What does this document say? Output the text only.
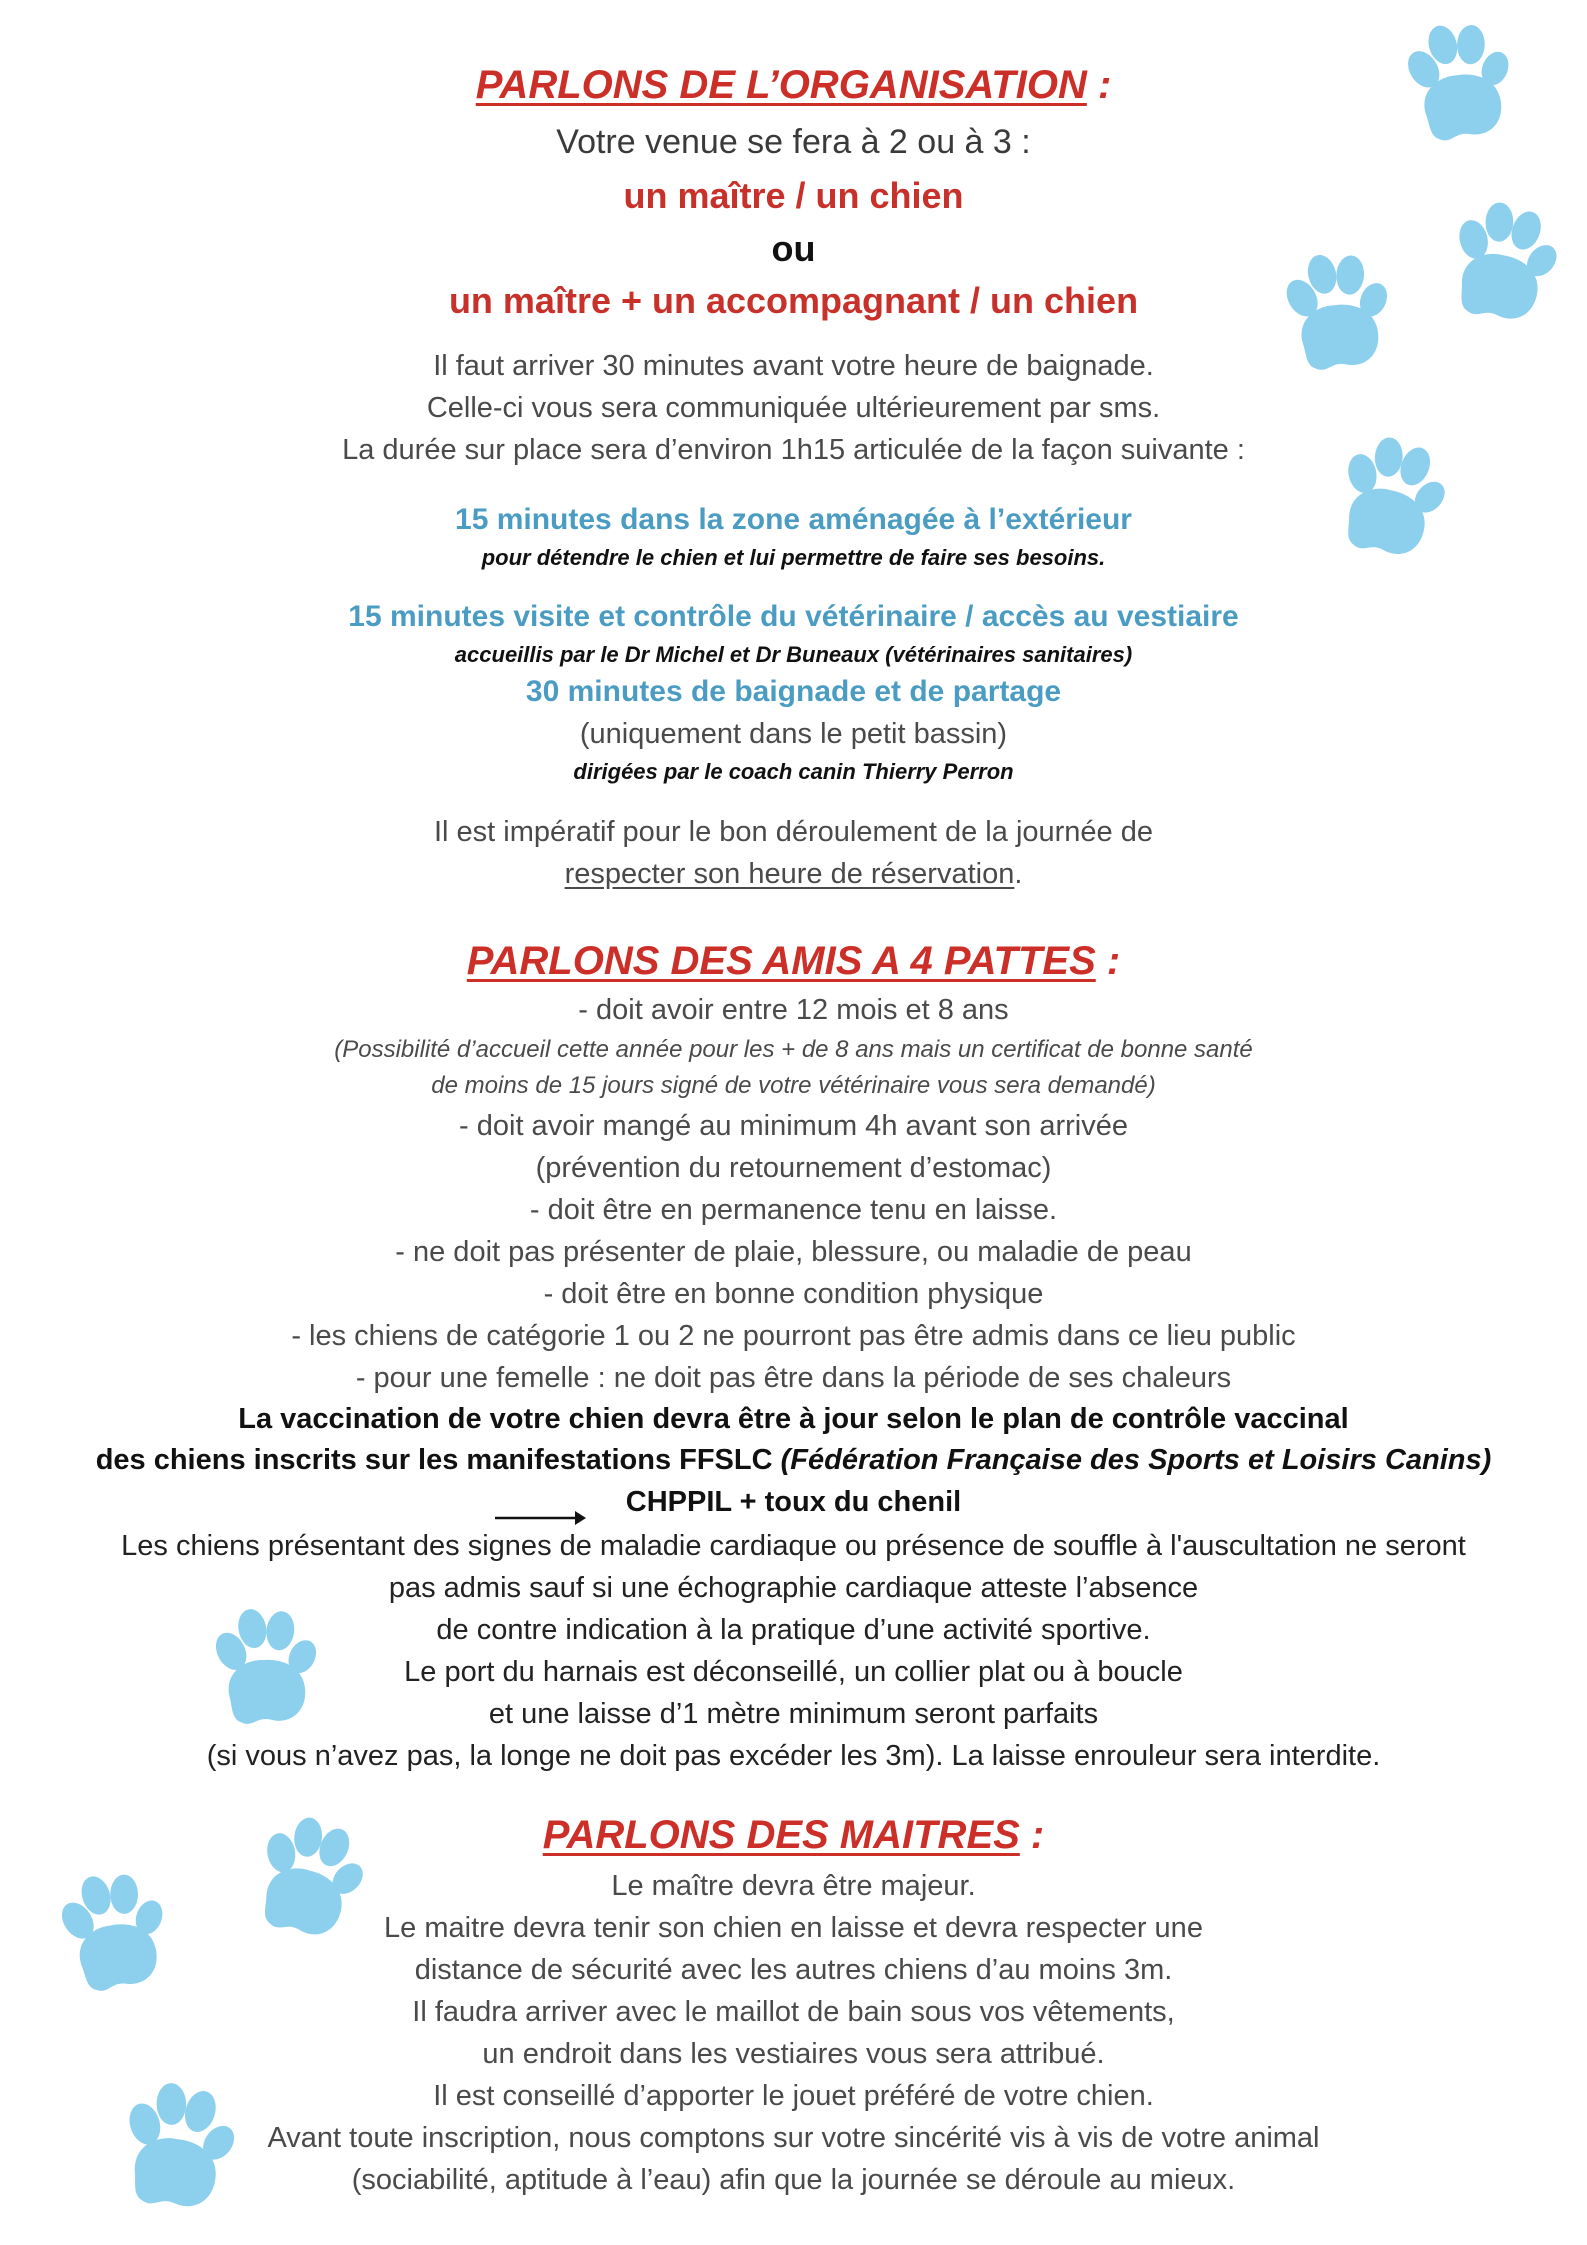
PARLONS DE L’ORGANISATION :
Votre venue se fera à 2 ou à 3 :
un maître / un chien
ou
un maître + un accompagnant / un chien
Il faut arriver 30 minutes avant votre heure de baignade.
Celle-ci vous sera communiquée ultérieurement par sms.
La durée sur place sera d’environ 1h15 articulée de la façon suivante :
15 minutes dans la zone aménagée à l’extérieur
pour détendre le chien et lui permettre de faire ses besoins.
15 minutes visite et contrôle du vétérinaire / accès au vestiaire
accueillis par le Dr Michel et Dr Buneaux (vétérinaires sanitaires)
30 minutes de baignade et de partage
(uniquement dans le petit bassin)
dirigées par le coach canin Thierry Perron
Il est impératif pour le bon déroulement de la journée de
respecter son heure de réservation.
PARLONS DES AMIS A 4 PATTES :
- doit avoir entre 12 mois et 8 ans
(Possibilité d’accueil cette année pour les + de 8 ans mais un certificat de bonne santé
de moins de 15 jours signé de votre vétérinaire vous sera demandé)
- doit avoir mangé au minimum 4h avant son arrivée
(prévention du retournement d’estomac)
- doit être en permanence tenu en laisse.
- ne doit pas présenter de plaie, blessure, ou maladie de peau
- doit être en bonne condition physique
- les chiens de catégorie 1 ou 2 ne pourront pas être admis dans ce lieu public
- pour une femelle : ne doit pas être dans la période de ses chaleurs
La vaccination de votre chien devra être à jour selon le plan de contrôle vaccinal
des chiens inscrits sur les manifestations FFSLC (Fédération Française des Sports et Loisirs Canins)
CHPPIL + toux du chenil
Les chiens présentant des signes de maladie cardiaque ou présence de souffle à l'auscultation ne seront
pas admis sauf si une échographie cardiaque atteste l’absence
de contre indication à la pratique d’une activité sportive.
Le port du harnais est déconseillé, un collier plat ou à boucle
et une laisse d’1 mètre minimum seront parfaits
(si vous n’avez pas, la longe ne doit pas excéder les 3m). La laisse enrouleur sera interdite.
PARLONS DES MAITRES :
Le maître devra être majeur.
Le maitre devra tenir son chien en laisse et devra respecter une
distance de sécurité avec les autres chiens d’au moins 3m.
Il faudra arriver avec le maillot de bain sous vos vêtements,
un endroit dans les vestiaires vous sera attribué.
Il est conseillé d’apporter le jouet préféré de votre chien.
Avant toute inscription, nous comptons sur votre sincérité vis à vis de votre animal
(sociabilité, aptitude à l’eau) afin que la journée se déroule au mieux.
